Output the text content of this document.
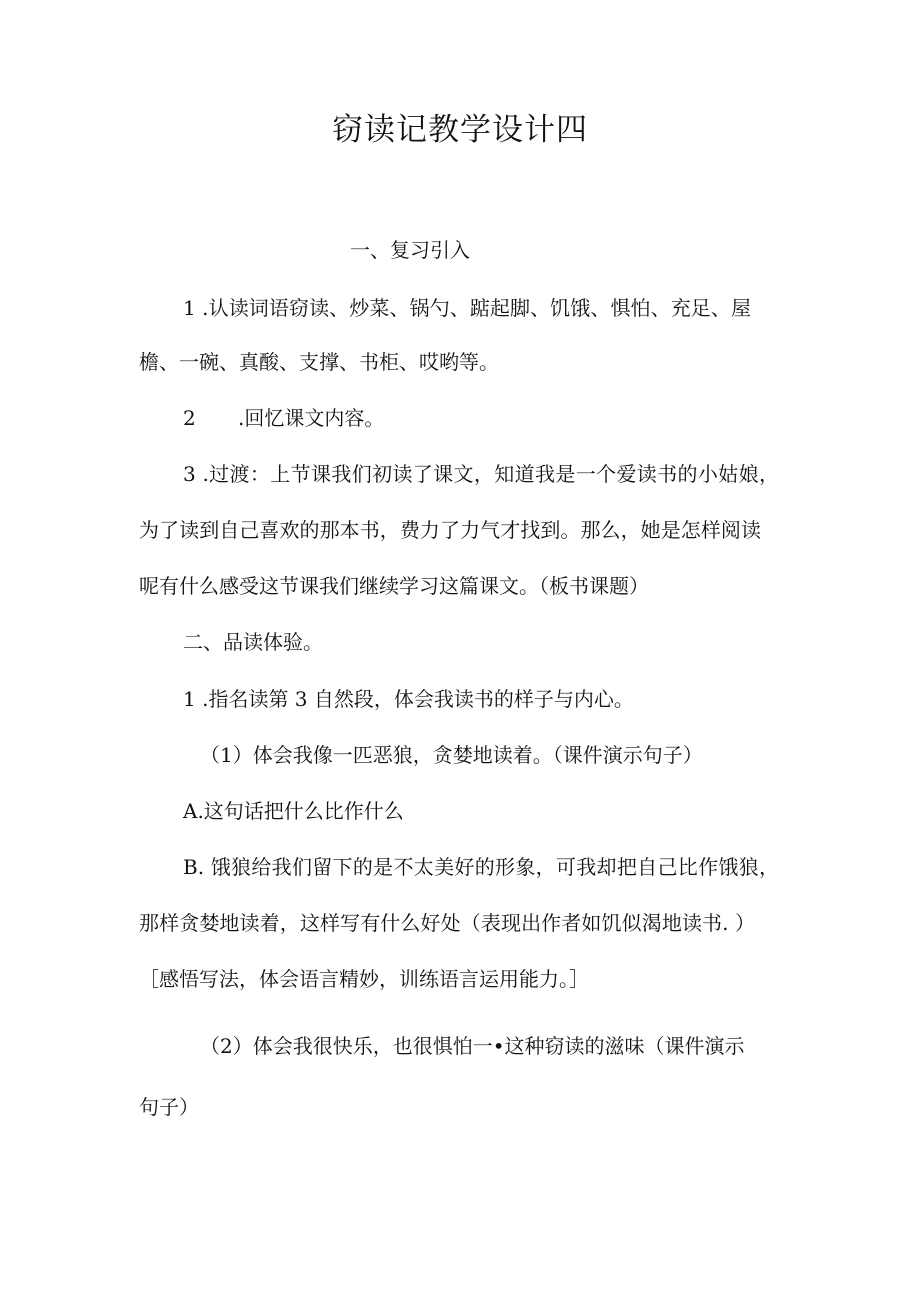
窃读记教学设计四
一、复习引入
1 .认读词语窃读、炒菜、锅勺、踮起脚、饥饿、惧怕、充足、屋
檐、一碗、真酸、支撑、书柜、哎哟等。
2 .回忆课文内容。
3 .过渡：上节课我们初读了课文，知道我是一个爱读书的小姑娘，
为了读到自己喜欢的那本书，费力了力气才找到。那么，她是怎样阅读
呢有什么感受这节课我们继续学习这篇课文。（板书课题）
二、品读体验。
1 .指名读第 3 自然段，体会我读书的样子与内心。
（1）体会我像一匹恶狼，贪婪地读着。（课件演示句子）
A.这句话把什么比作什么
B. 饿狼给我们留下的是不太美好的形象，可我却把自己比作饿狼，
那样贪婪地读着，这样写有什么好处（表现出作者如饥似渴地读书. ）
［感悟写法，体会语言精妙，训练语言运用能力。］
（2）体会我很快乐，也很惧怕一•这种窃读的滋味（课件演示
句子）
